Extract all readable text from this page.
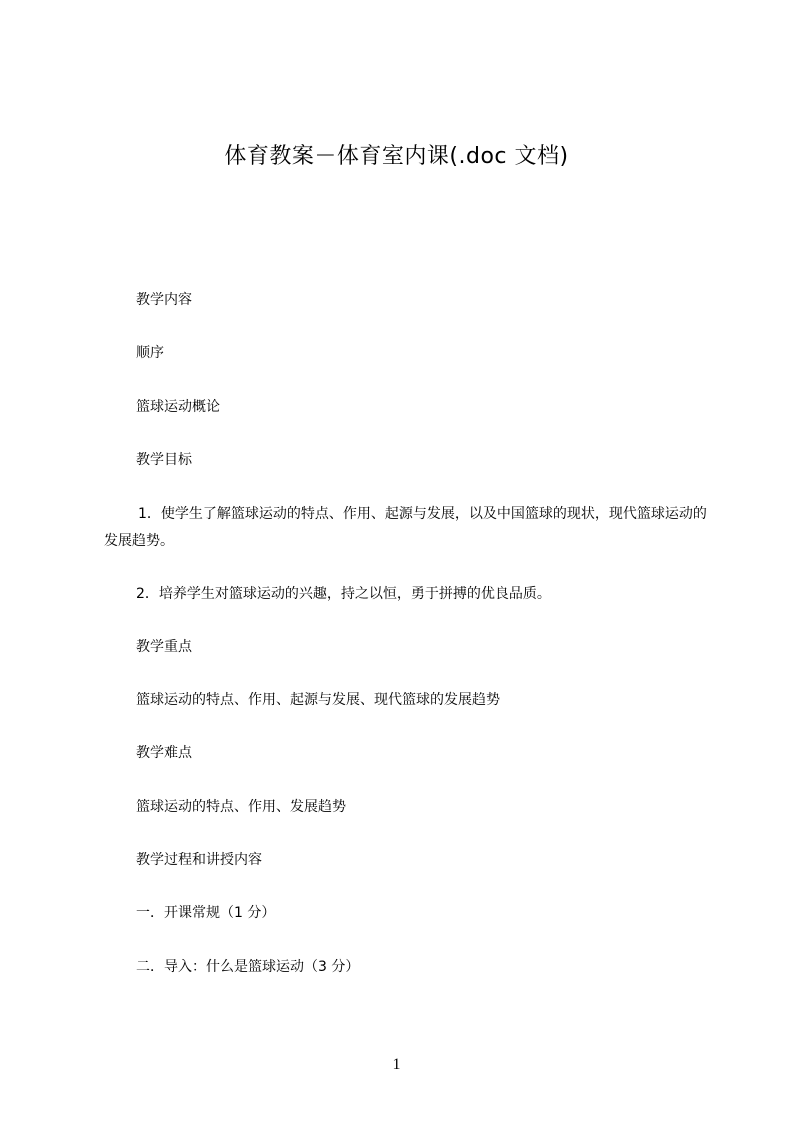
体育教案－体育室内课(.doc 文档)

教学内容

顺序

篮球运动概论

教学目标

1．使学生了解篮球运动的特点、作用、起源与发展，以及中国篮球的现状，现代篮球运动的发展趋势。

2．培养学生对篮球运动的兴趣，持之以恒，勇于拼搏的优良品质。

教学重点

篮球运动的特点、作用、起源与发展、现代篮球的发展趋势

教学难点

篮球运动的特点、作用、发展趋势

教学过程和讲授内容

一．开课常规（1 分）

二．导入：什么是篮球运动（3 分）

1
